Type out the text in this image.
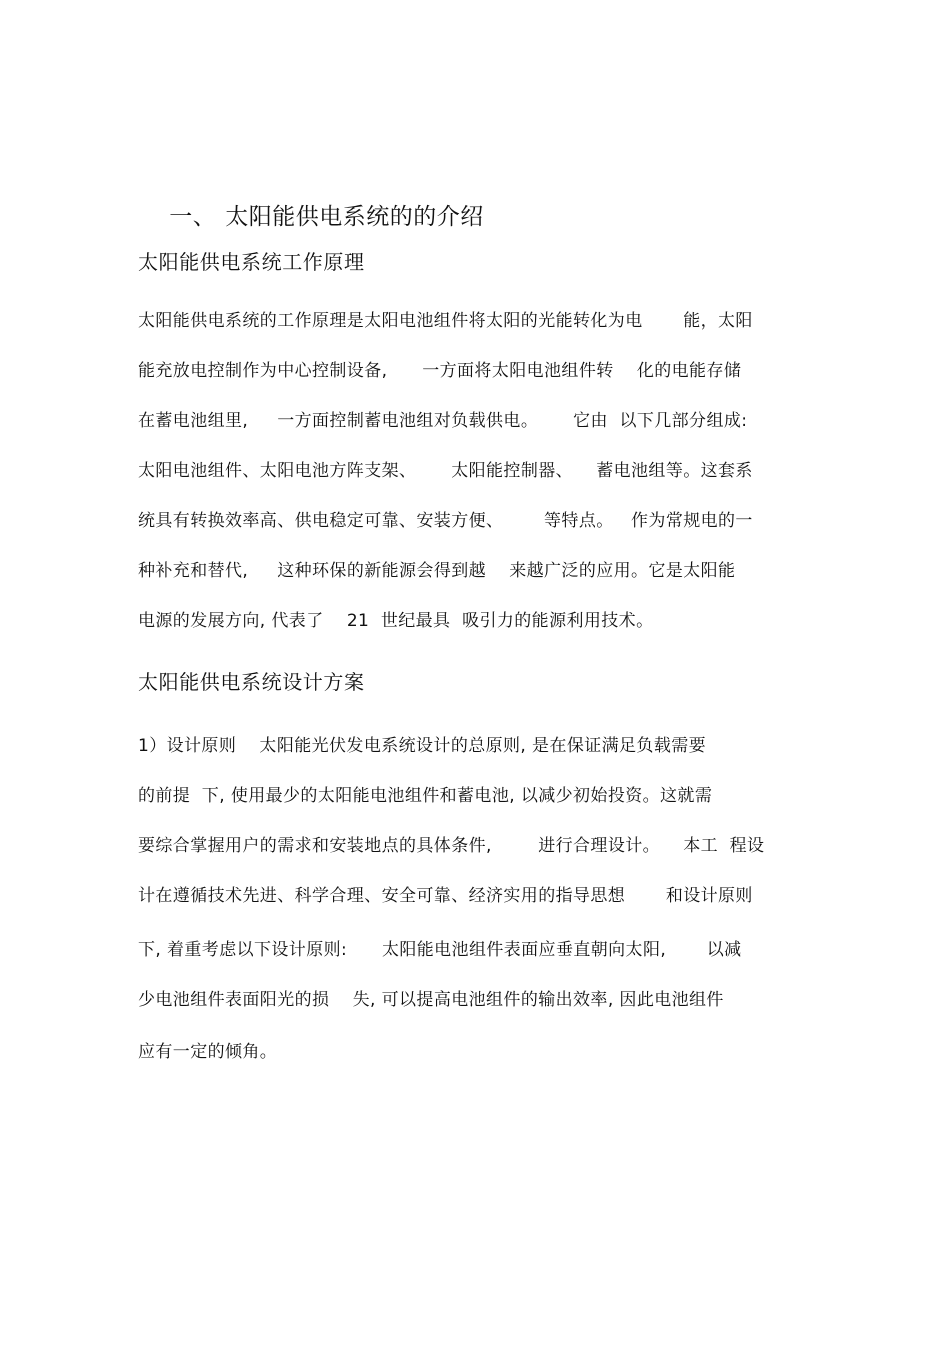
一、 太阳能供电系统的的介绍

太阳能供电系统工作原理
太阳能供电系统的工作原理是太阳电池组件将太阳的光能转化为电       能，太阳
能充放电控制作为中心控制设备,      一方面将太阳电池组件转    化的电能存储
在蓄电池组里,     一方面控制蓄电池组对负载供电。      它由  以下几部分组成:
太阳电池组件、太阳电池方阵支架、      太阳能控制器、    蓄电池组等。这套系
统具有转换效率高、供电稳定可靠、安装方便、       等特点。   作为常规电的一
种补充和替代,     这种环保的新能源会得到越    来越广泛的应用。它是太阳能
电源的发展方向, 代表了    21  世纪最具  吸引力的能源利用技术。
太阳能供电系统设计方案
1）设计原则    太阳能光伏发电系统设计的总原则, 是在保证满足负载需要
的前提  下, 使用最少的太阳能电池组件和蓄电池, 以减少初始投资。这就需
要综合掌握用户的需求和安装地点的具体条件,        进行合理设计。    本工  程设
计在遵循技术先进、科学合理、安全可靠、经济实用的指导思想       和设计原则
下, 着重考虑以下设计原则:      太阳能电池组件表面应垂直朝向太阳,       以减
少电池组件表面阳光的损    失, 可以提高电池组件的输出效率, 因此电池组件
应有一定的倾角。
